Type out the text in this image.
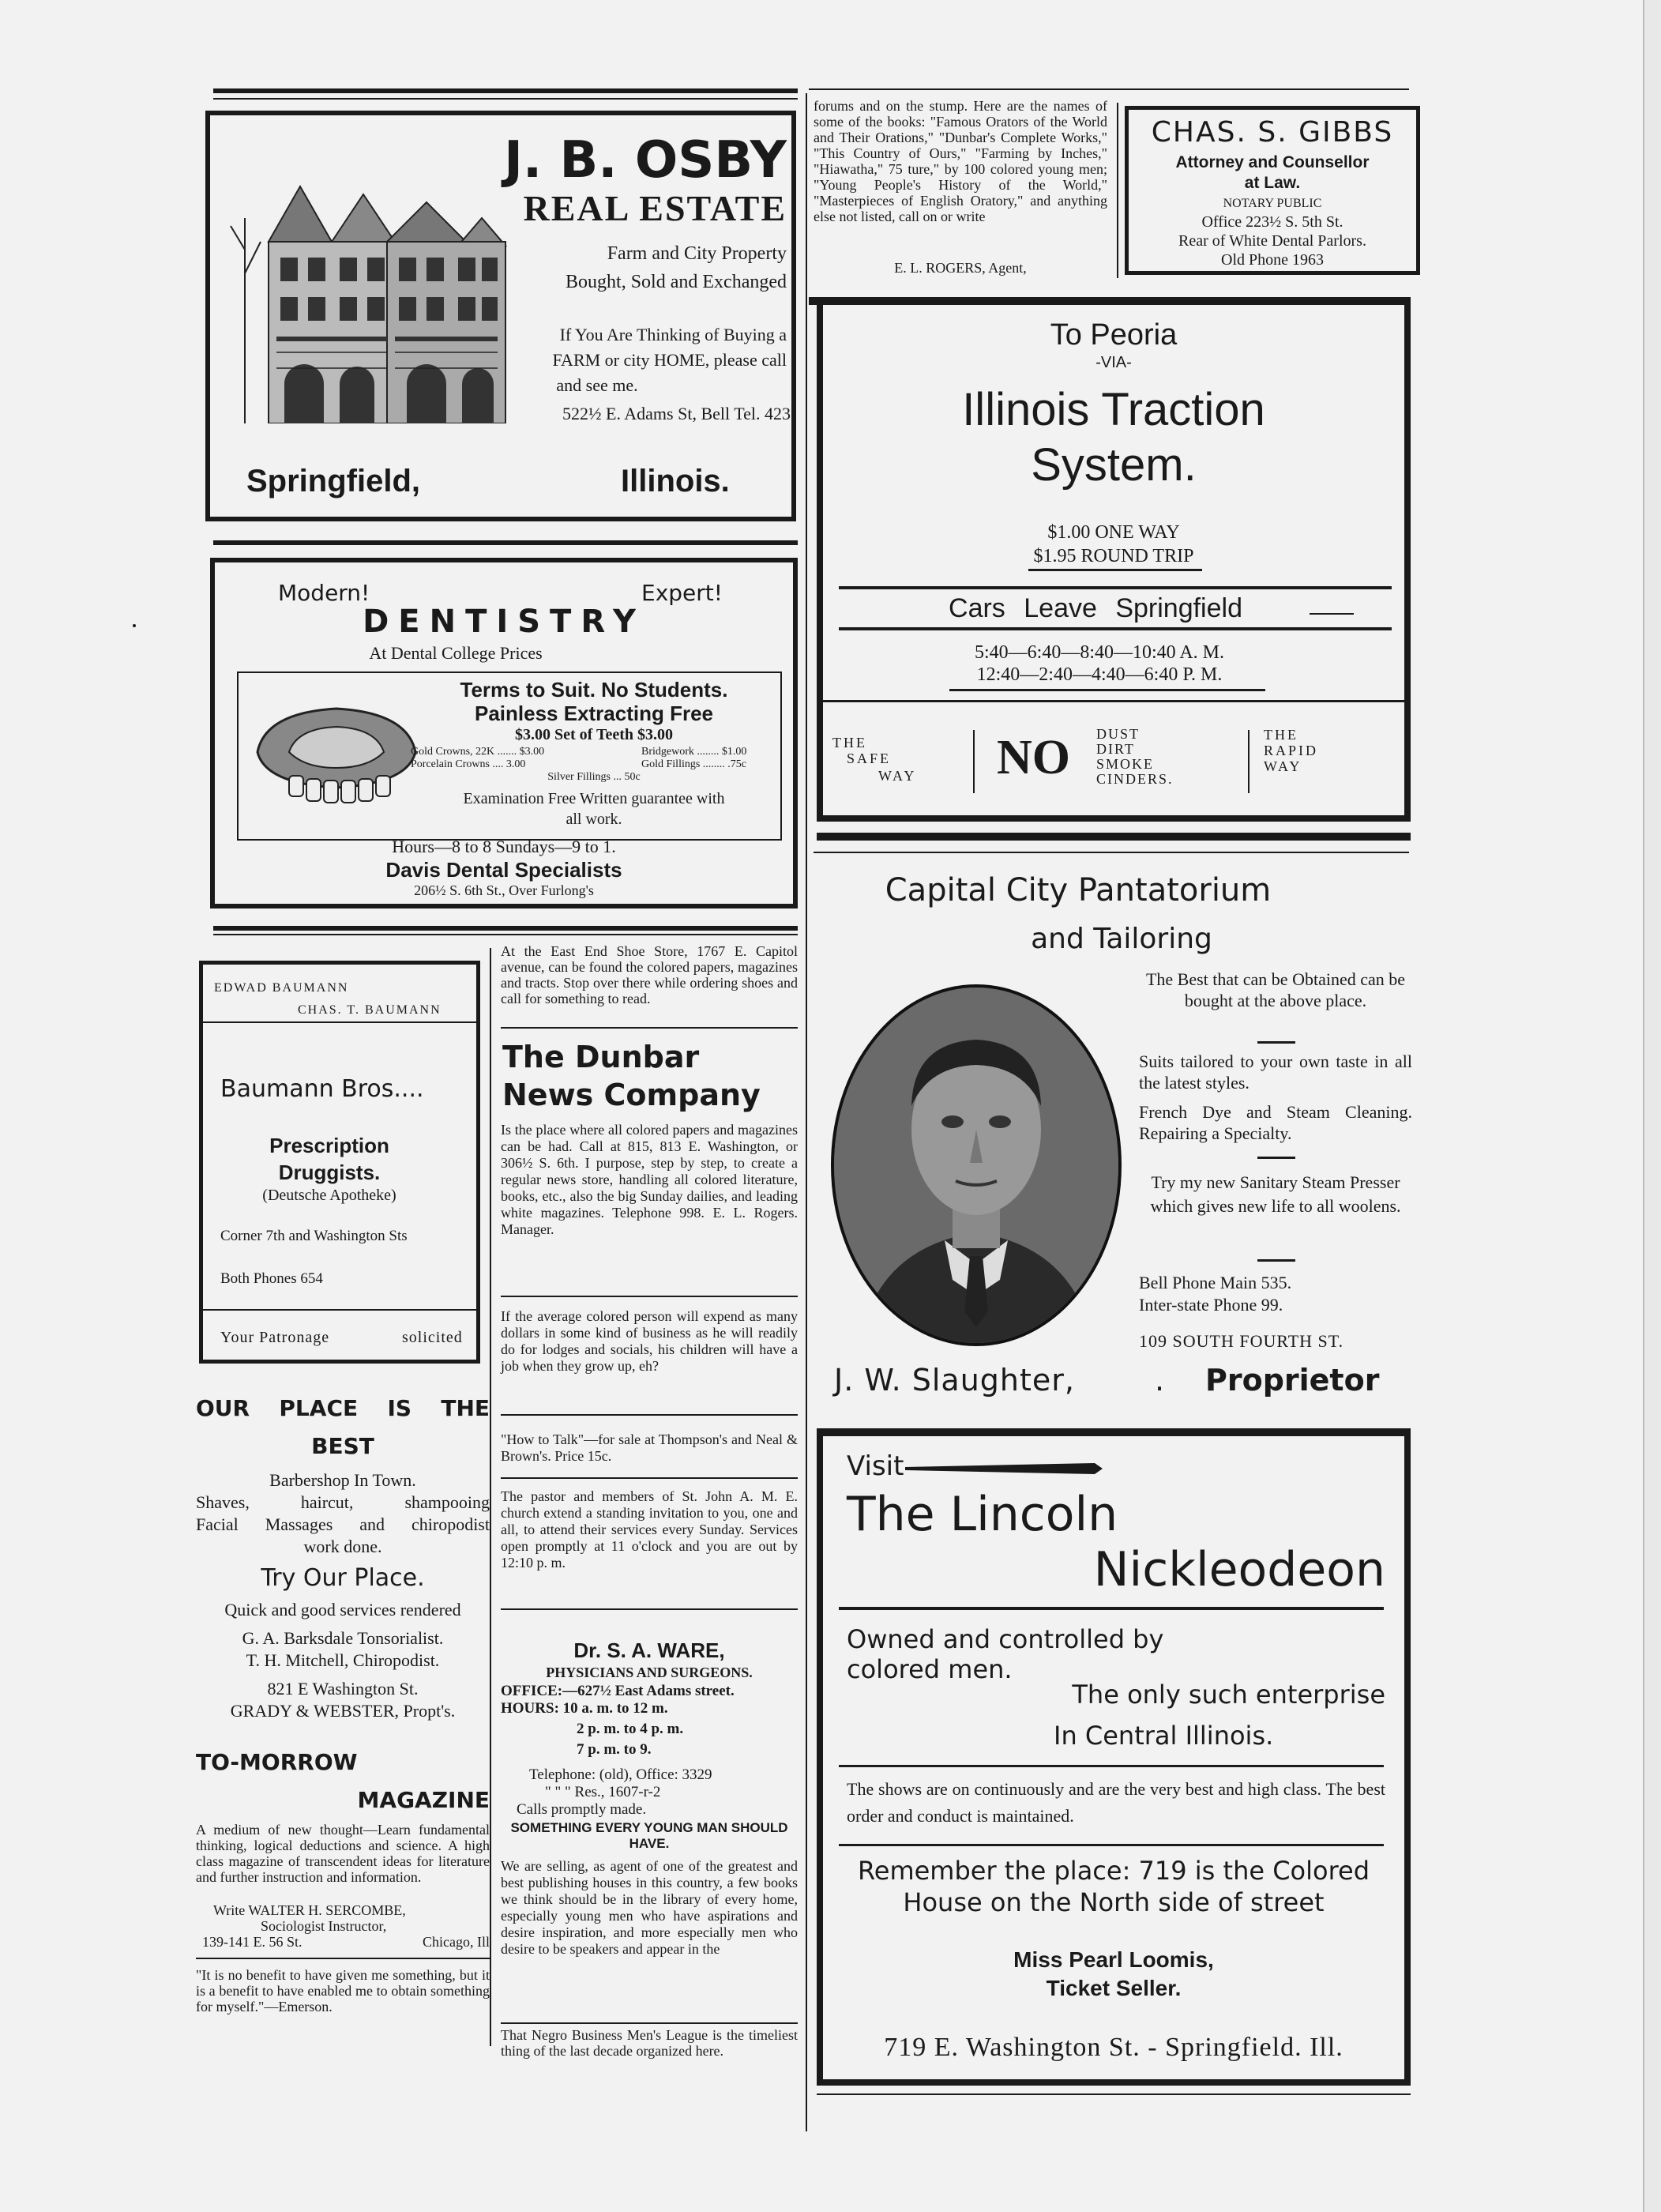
J. B. OSBY
REAL ESTATE
Farm and City Property
Bought, Sold and Exchanged
If You Are Thinking of Buying a
FARM or city HOME, please call
and see me.
522½ E. Adams St, Bell Tel. 423
Springfield,	Illinois.
forums and on the stump. Here are the names of some of the books: "Famous Orators of the World and Their Orations," "Dunbar's Complete Works," "This Country of Ours," "Farming by Inches," "Hiawatha," 75 ture," by 100 colored young men; "Young People's History of the World," "Masterpieces of English Oratory," and anything else not listed, call on or write
E. L. ROGERS, Agent,
CHAS. S. GIBBS
Attorney and Counsellor
at Law.
NOTARY PUBLIC
Office 223½ S. 5th St.
Rear of White Dental Parlors.
Old Phone 1963
To Peoria
-VIA-
Illinois Traction
System.
$1.00 ONE WAY
$1.95 ROUND TRIP
Cars Leave Springfield
5:40—6:40—8:40—10:40 A. M.
12:40—2:40—4:40—6:40 P. M.
THE
SAFE
WAY NO DUST
DIRT
SMOKE
CINDERS.
THE
RAPID
WAY
Modern!	Expert!
DENTISTRY
At Dental College Prices
Terms to Suit. No Students.
Painless Extracting Free
$3.00 Set of Teeth $3.00
Gold Crowns, 22K ....... $3.00	Bridgework ........ $1.00
Porcelain Crowns .... 3.00	Gold Fillings ........ .75c
Silver Fillings ... 50c
Examination Free Written guarantee with
all work.
Hours—8 to 8 Sundays—9 to 1.
Davis Dental Specialists
206½ S. 6th St., Over Furlong's
EDWAD BAUMANN
CHAS. T. BAUMANN
Baumann Bros....
Prescription
Druggists.
(Deutsche Apotheke)
Corner 7th and Washington Sts
Both Phones 654
Your Patronage	solicited
At the East End Shoe Store, 1767 E. Capitol avenue, can be found the colored papers, magazines and tracts. Stop over there while ordering shoes and call for something to read.
The Dunbar
News Company
Is the place where all colored papers and magazines can be had. Call at 815, 813 E. Washington, or 306½ S. 6th. I purpose, step by step, to create a regular news store, handling all colored literature, books, etc., also the big Sunday dailies, and leading white magazines. Telephone 998. E. L. Rogers. Manager.
If the average colored person will expend as many dollars in some kind of business as he will readily do for lodges and socials, his children will have a job when they grow up, eh?
"How to Talk"—for sale at Thompson's and Neal & Brown's. Price 15c.
The pastor and members of St. John A. M. E. church extend a standing invitation to you, one and all, to attend their services every Sunday. Services open promptly at 11 o'clock and you are out by 12:10 p. m.
Dr. S. A. WARE,
PHYSICIANS AND SURGEONS.
OFFICE:—627½ East Adams street.
HOURS: 10 a. m. to 12 m.
2 p. m. to 4 p. m.
7 p. m. to 9.
Telephone: (old), Office: 3329
" " " Res., 1607-r-2
Calls promptly made.
SOMETHING EVERY YOUNG MAN SHOULD HAVE.
We are selling, as agent of one of the greatest and best publishing houses in this country, a few books we think should be in the library of every home, especially young men who have aspirations and desire inspiration, and more especially men who desire to be speakers and appear in the
That Negro Business Men's League is the timeliest thing of the last decade organized here.
OUR PLACE IS THE
BEST
Barbershop In Town.
Shaves, haircut, shampooing
Facial Massages and chiropodist
work done.
Try Our Place.
Quick and good services rendered
G. A. Barksdale Tonsorialist.
T. H. Mitchell, Chiropodist.
821 E Washington St.
GRADY & WEBSTER, Propt's.
TO-MORROW
MAGAZINE
A medium of new thought—Learn fundamental thinking, logical deductions and science. A high class magazine of transcendent ideas for literature and further instruction and information.
Write WALTER H. SERCOMBE,
Sociologist Instructor,
139-141 E. 56 St.	Chicago, Ill
"It is no benefit to have given me something, but it is a benefit to have enabled me to obtain something for myself."—Emerson.
Capital City Pantatorium
and Tailoring
The Best that can be Obtained can be bought at the above place.
Suits tailored to your own taste in all the latest styles.
French Dye and Steam Cleaning. Repairing a Specialty.
Try my new Sanitary Steam Presser which gives new life to all woolens.
Bell Phone Main 535.
Inter-state Phone 99.
109 SOUTH FOURTH ST.
J. W. Slaughter,	. Proprietor
Visit
The Lincoln
Nickleodeon
Owned and controlled by
colored men.
The only such enterprise
In Central Illinois.
The shows are on continuously and are the very best and high class. The best order and conduct is maintained.
Remember the place: 719 is the Colored
House on the North side of street
Miss Pearl Loomis,
Ticket Seller.
719 E. Washington St. - Springfield. Ill.
